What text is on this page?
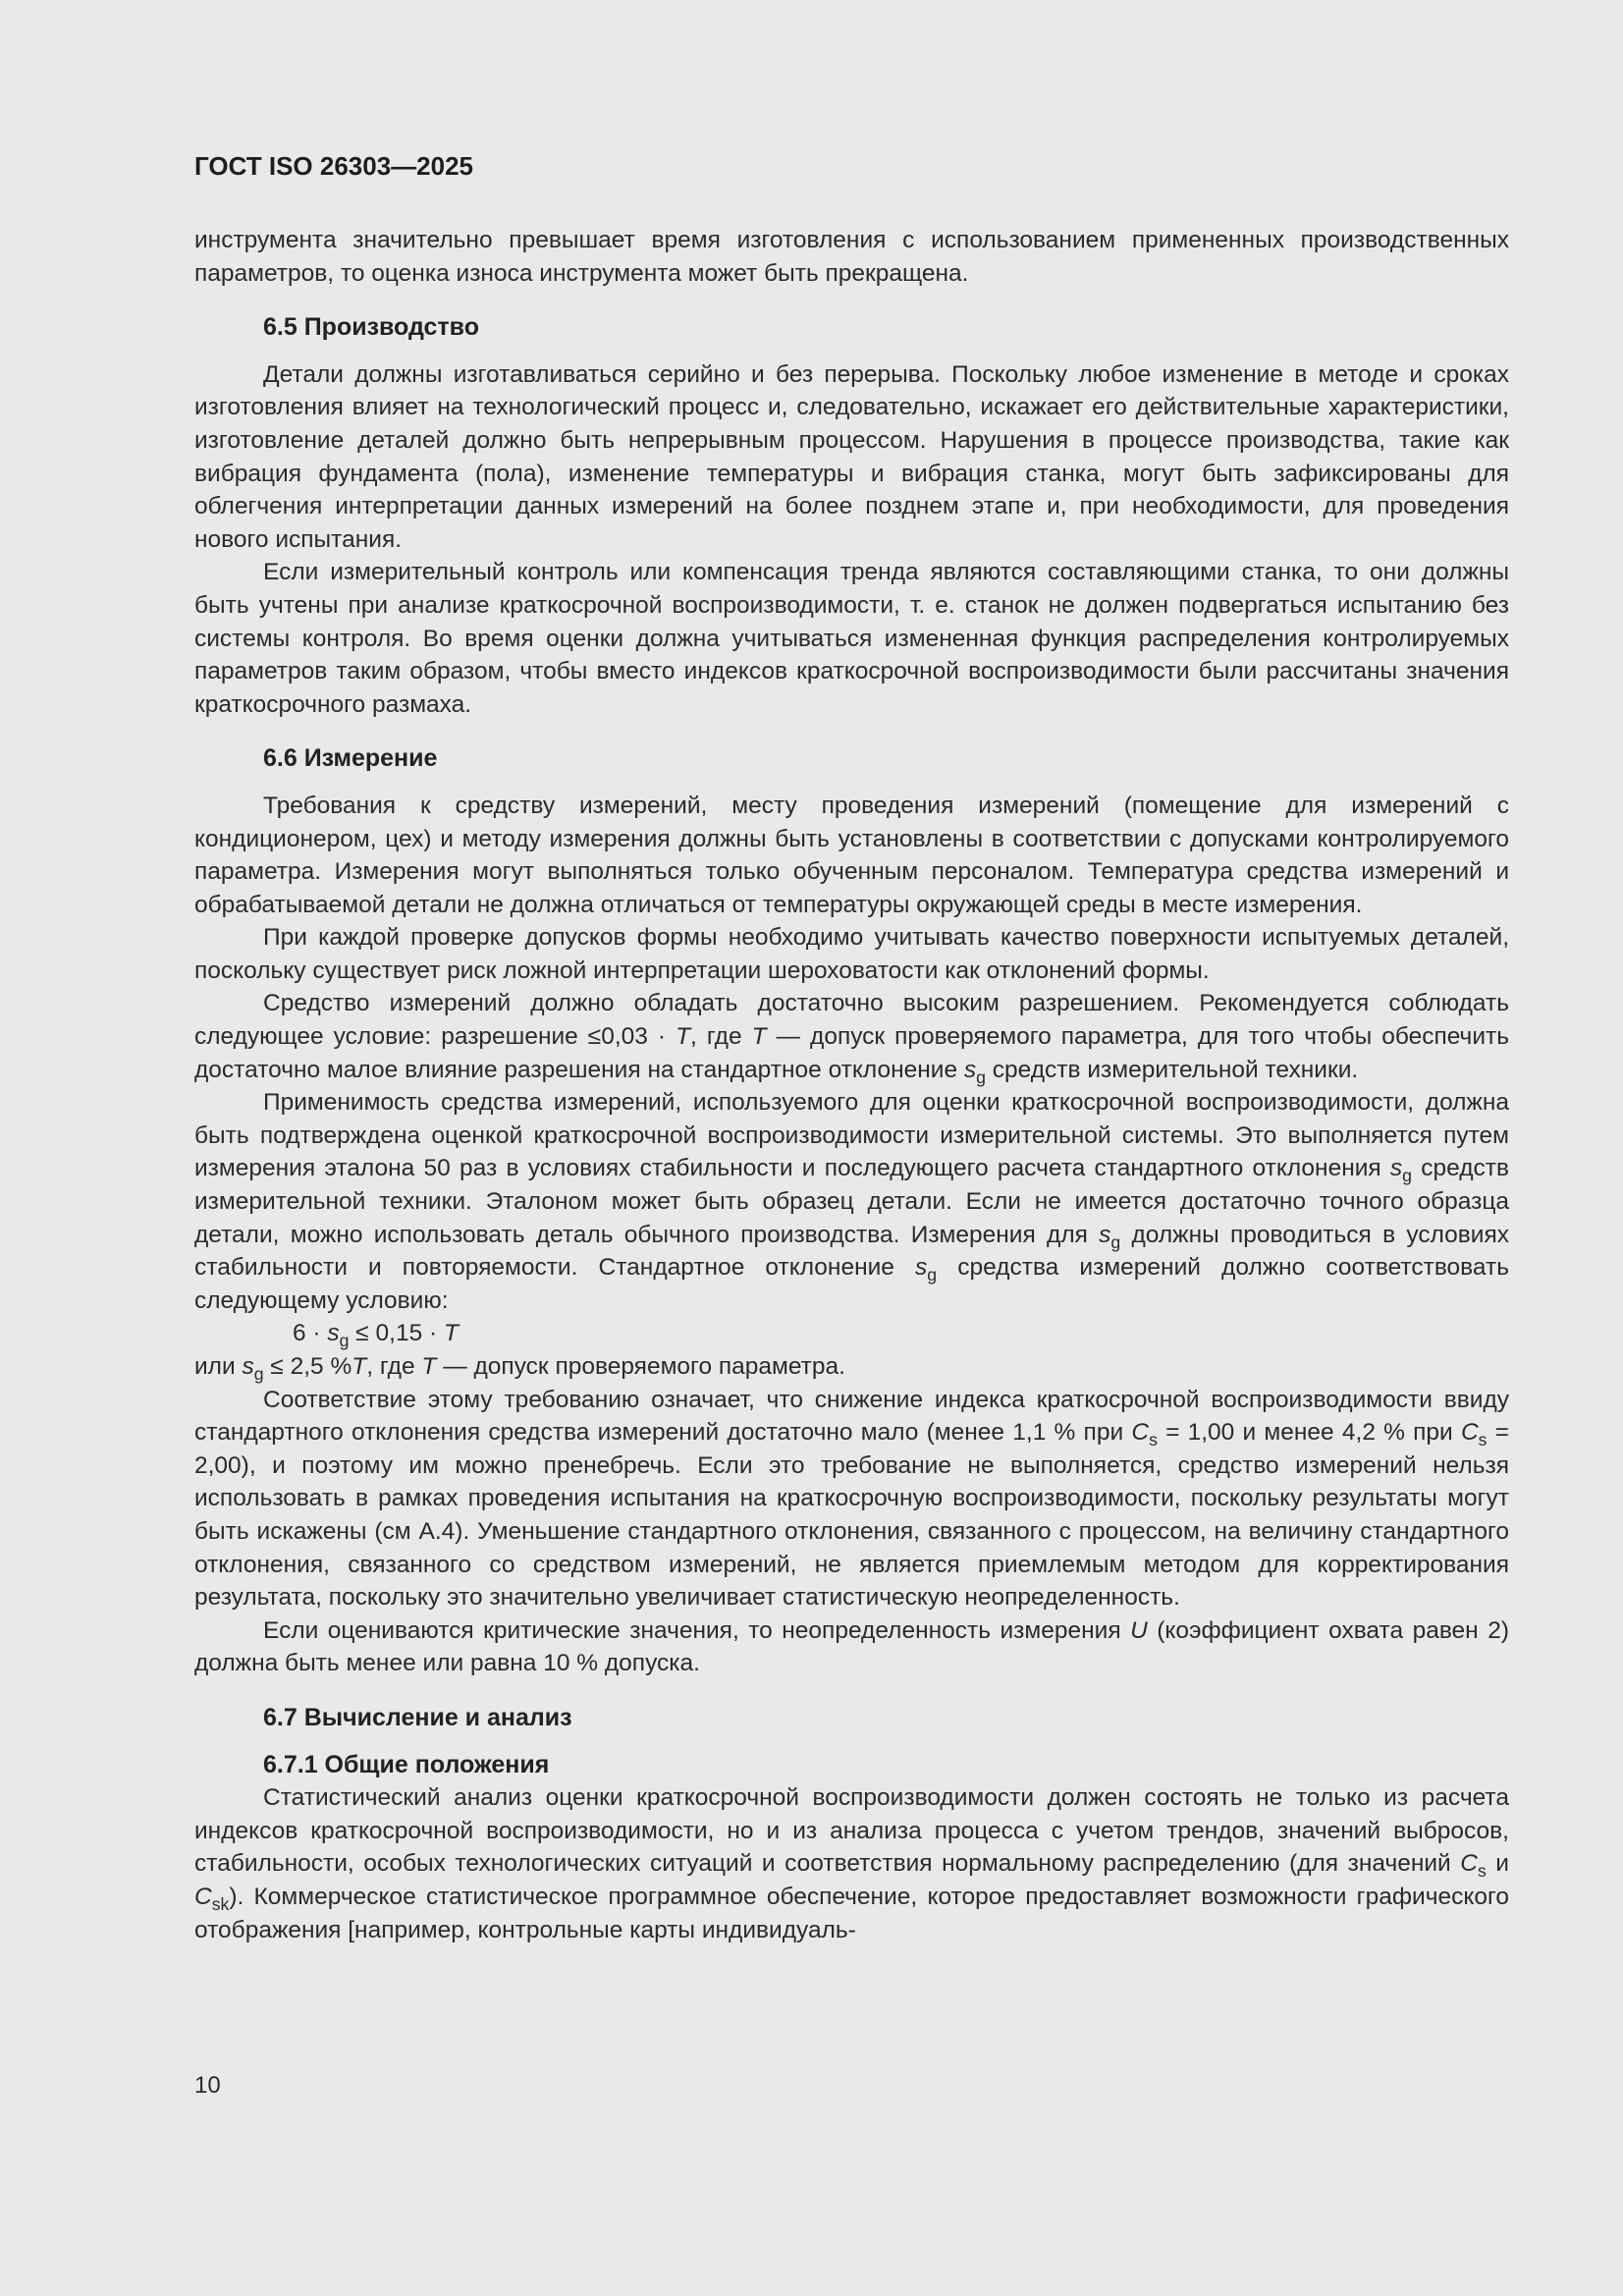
ГОСТ ISO 26303—2025

инструмента значительно превышает время изготовления с использованием примененных производственных параметров, то оценка износа инструмента может быть прекращена.

6.5 Производство

Детали должны изготавливаться серийно и без перерыва. Поскольку любое изменение в методе и сроках изготовления влияет на технологический процесс и, следовательно, искажает его действительные характеристики, изготовление деталей должно быть непрерывным процессом. Нарушения в процессе производства, такие как вибрация фундамента (пола), изменение температуры и вибрация станка, могут быть зафиксированы для облегчения интерпретации данных измерений на более позднем этапе и, при необходимости, для проведения нового испытания.

Если измерительный контроль или компенсация тренда являются составляющими станка, то они должны быть учтены при анализе краткосрочной воспроизводимости, т. е. станок не должен подвергаться испытанию без системы контроля. Во время оценки должна учитываться измененная функция распределения контролируемых параметров таким образом, чтобы вместо индексов краткосрочной воспроизводимости были рассчитаны значения краткосрочного размаха.

6.6 Измерение

Требования к средству измерений, месту проведения измерений (помещение для измерений с кондиционером, цех) и методу измерения должны быть установлены в соответствии с допусками контролируемого параметра. Измерения могут выполняться только обученным персоналом. Температура средства измерений и обрабатываемой детали не должна отличаться от температуры окружающей среды в месте измерения.

При каждой проверке допусков формы необходимо учитывать качество поверхности испытуемых деталей, поскольку существует риск ложной интерпретации шероховатости как отклонений формы.

Средство измерений должно обладать достаточно высоким разрешением. Рекомендуется соблюдать следующее условие: разрешение ≤0,03 · T, где T — допуск проверяемого параметра, для того чтобы обеспечить достаточно малое влияние разрешения на стандартное отклонение $s_g$ средств измерительной техники.

Применимость средства измерений, используемого для оценки краткосрочной воспроизводимости, должна быть подтверждена оценкой краткосрочной воспроизводимости измерительной системы. Это выполняется путем измерения эталона 50 раз в условиях стабильности и последующего расчета стандартного отклонения $s_g$ средств измерительной техники. Эталоном может быть образец детали. Если не имеется достаточно точного образца детали, можно использовать деталь обычного производства. Измерения для $s_g$ должны проводиться в условиях стабильности и повторяемости. Стандартное отклонение $s_g$ средства измерений должно соответствовать следующему условию:

$6 \cdot s_g \le 0,15 \cdot T$

или $s_g \le 2,5$ %T, где T — допуск проверяемого параметра.

Соответствие этому требованию означает, что снижение индекса краткосрочной воспроизводимости ввиду стандартного отклонения средства измерений достаточно мало (менее 1,1 % при $C_s = 1,00$ и менее 4,2 % при $C_s = 2,00$), и поэтому им можно пренебречь. Если это требование не выполняется, средство измерений нельзя использовать в рамках проведения испытания на краткосрочную воспроизводимости, поскольку результаты могут быть искажены (см А.4). Уменьшение стандартного отклонения, связанного с процессом, на величину стандартного отклонения, связанного со средством измерений, не является приемлемым методом для корректирования результата, поскольку это значительно увеличивает статистическую неопределенность.

Если оцениваются критические значения, то неопределенность измерения U (коэффициент охвата равен 2) должна быть менее или равна 10 % допуска.

6.7 Вычисление и анализ
6.7.1 Общие положения

Статистический анализ оценки краткосрочной воспроизводимости должен состоять не только из расчета индексов краткосрочной воспроизводимости, но и из анализа процесса с учетом трендов, значений выбросов, стабильности, особых технологических ситуаций и соответствия нормальному распределению (для значений $C_s$ и $C_{sk}$). Коммерческое статистическое программное обеспечение, которое предоставляет возможности графического отображения [например, контрольные карты индивидуаль-

10
